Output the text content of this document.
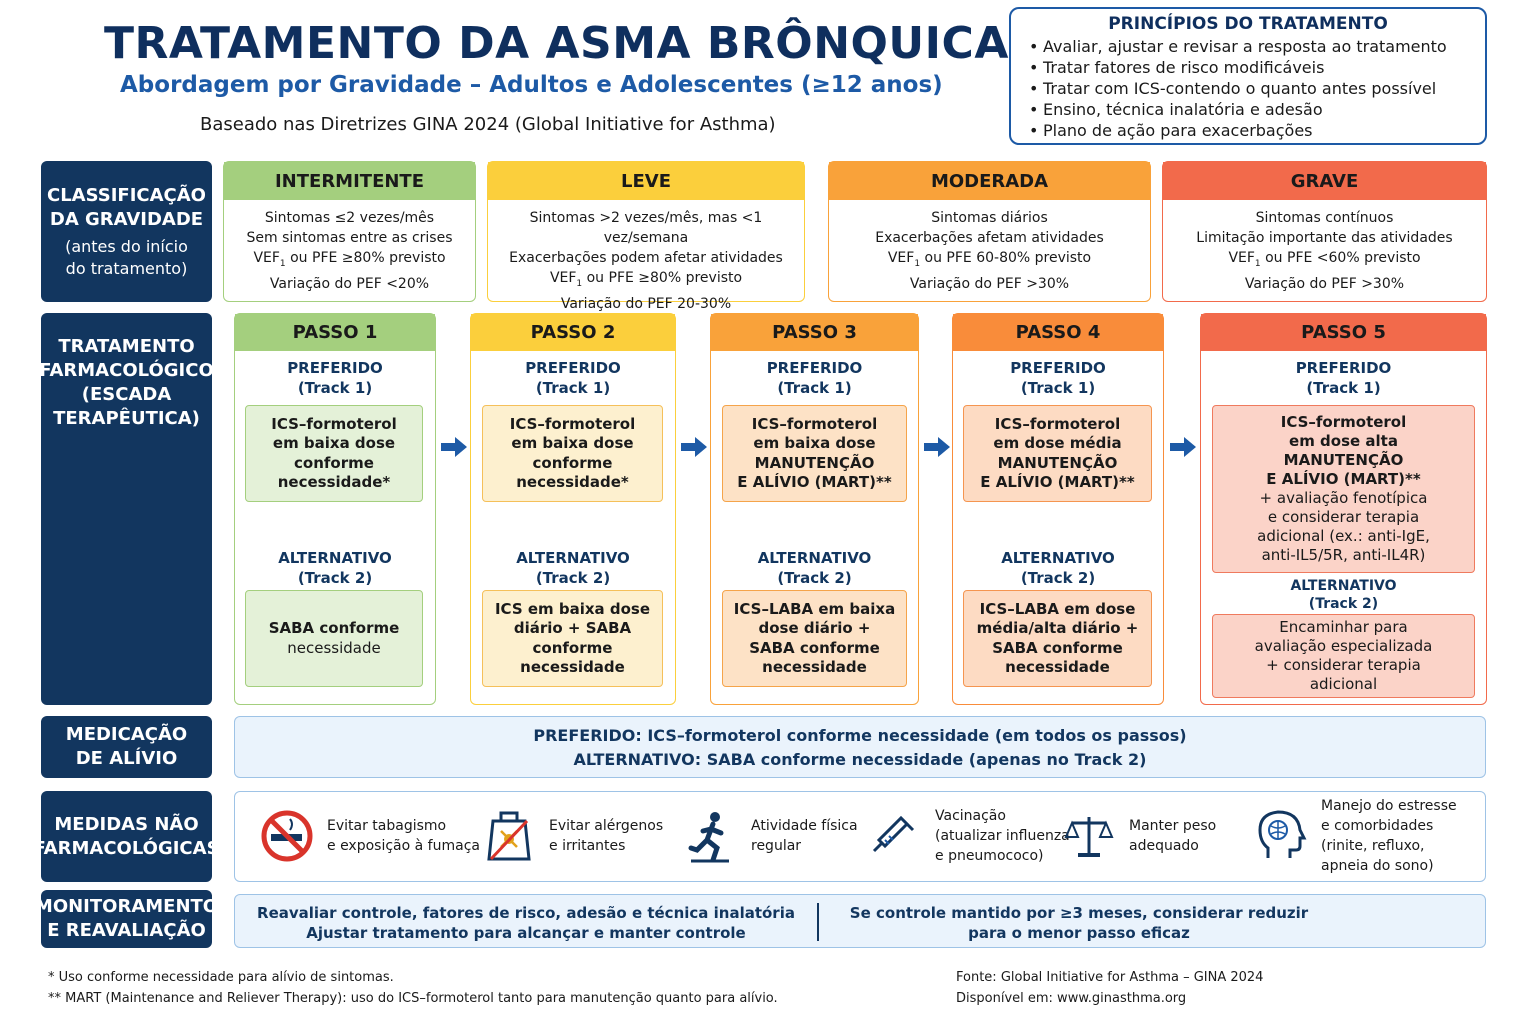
TRATAMENTO DA ASMA BRÔNQUICA
Abordagem por Gravidade – Adultos e Adolescentes (≥12 anos)
Baseado nas Diretrizes GINA 2024 (Global Initiative for Asthma)
PRINCÍPIOS DO TRATAMENTO
• Avaliar, ajustar e revisar a resposta ao tratamento
• Tratar fatores de risco modificáveis
• Tratar com ICS-contendo o quanto antes possível
• Ensino, técnica inalatória e adesão
• Plano de ação para exacerbações
CLASSIFICAÇÃO
DA GRAVIDADE
(antes do início
do tratamento)
TRATAMENTO
FARMACOLÓGICO
(ESCADA
TERAPÊUTICA)
MEDICAÇÃO
DE ALÍVIO
MEDIDAS NÃO
FARMACOLÓGICAS
MONITORAMENTO
E REAVALIAÇÃO
INTERMITENTE
Sintomas ≤2 vezes/mês
Sem sintomas entre as crises
$VEF_1$ ou PFE ≥80% previsto
Variação do PEF <20%
LEVE
Sintomas >2 vezes/mês, mas <1 vez/semana
Exacerbações podem afetar atividades
$VEF_1$ ou PFE ≥80% previsto
Variação do PEF 20-30%
MODERADA
Sintomas diários
Exacerbações afetam atividades
$VEF_1$ ou PFE 60-80% previsto
Variação do PEF >30%
GRAVE
Sintomas contínuos
Limitação importante das atividades
$VEF_1$ ou PFE <60% previsto
Variação do PEF >30%
PASSO 1
PREFERIDO
(Track 1)
ICS–formoterol
em baixa dose
conforme
necessidade*
ALTERNATIVO
(Track 2)
SABA conforme
necessidade
PASSO 2
PREFERIDO
(Track 1)
ICS–formoterol
em baixa dose
conforme
necessidade*
ALTERNATIVO
(Track 2)
ICS em baixa dose
diário + SABA
conforme
necessidade
PASSO 3
PREFERIDO
(Track 1)
ICS–formoterol
em baixa dose
MANUTENÇÃO
E ALÍVIO (MART)**
ALTERNATIVO
(Track 2)
ICS–LABA em baixa
dose diário +
SABA conforme
necessidade
PASSO 4
PREFERIDO
(Track 1)
ICS–formoterol
em dose média
MANUTENÇÃO
E ALÍVIO (MART)**
ALTERNATIVO
(Track 2)
ICS–LABA em dose
média/alta diário +
SABA conforme
necessidade
PASSO 5
PREFERIDO
(Track 1)
ICS–formoterol
em dose alta
MANUTENÇÃO
E ALÍVIO (MART)**
+ avaliação fenotípica
e considerar terapia
adicional (ex.: anti-IgE,
anti-IL5/5R, anti-IL4R)
ALTERNATIVO
(Track 2)
Encaminhar para
avaliação especializada
+ considerar terapia
adicional
PREFERIDO: ICS–formoterol conforme necessidade (em todos os passos)
ALTERNATIVO: SABA conforme necessidade (apenas no Track 2)
Evitar tabagismo
e exposição à fumaça
Evitar alérgenos
e irritantes
Atividade física
regular
Vacinação
(atualizar influenza
e pneumococo)
Manter peso
adequado
Manejo do estresse
e comorbidades
(rinite, refluxo,
apneia do sono)
Reavaliar controle, fatores de risco, adesão e técnica inalatória
Ajustar tratamento para alcançar e manter controle
Se controle mantido por ≥3 meses, considerar reduzir
para o menor passo eficaz
* Uso conforme necessidade para alívio de sintomas.
** MART (Maintenance and Reliever Therapy): uso do ICS–formoterol tanto para manutenção quanto para alívio.
Fonte: Global Initiative for Asthma – GINA 2024
Disponível em: www.ginasthma.org
